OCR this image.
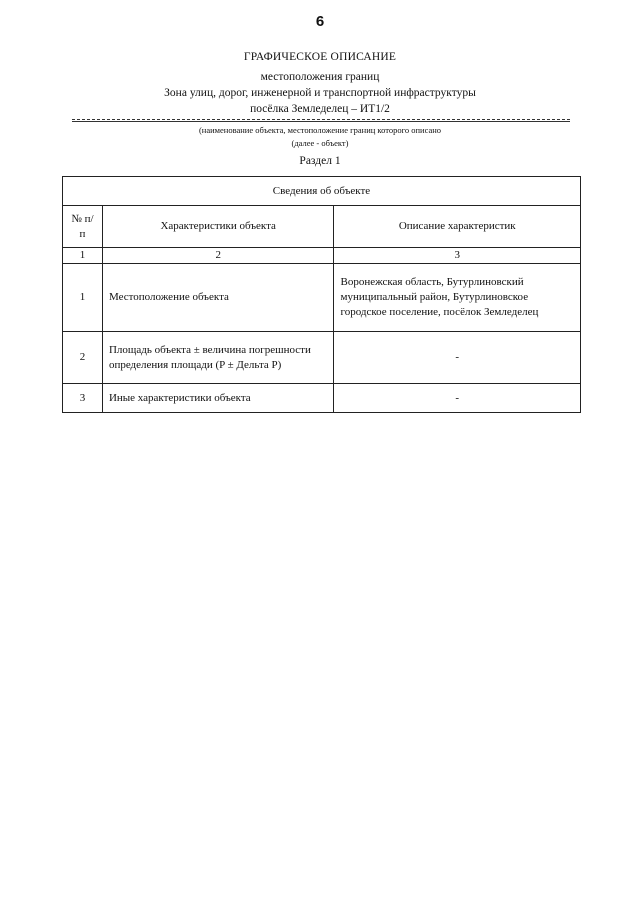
6
ГРАФИЧЕСКОЕ ОПИСАНИЕ
местоположения границ
Зона улиц, дорог, инженерной и транспортной инфраструктуры
посёлка Земледелец – ИТ1/2
(наименование объекта, местоположение границ которого описано
(далее - объект)
Раздел 1
Сведения об объекте		
№ п/п	Характеристики объекта	Описание характеристик
1	2	3
1	Местоположение объекта	Воронежская область, Бутурлиновский муниципальный район, Бутурлиновское городское поселение, посёлок Земледелец
2	Площадь объекта ± величина погрешности определения площади (P ± Дельта P)	-
3	Иные характеристики объекта	-
